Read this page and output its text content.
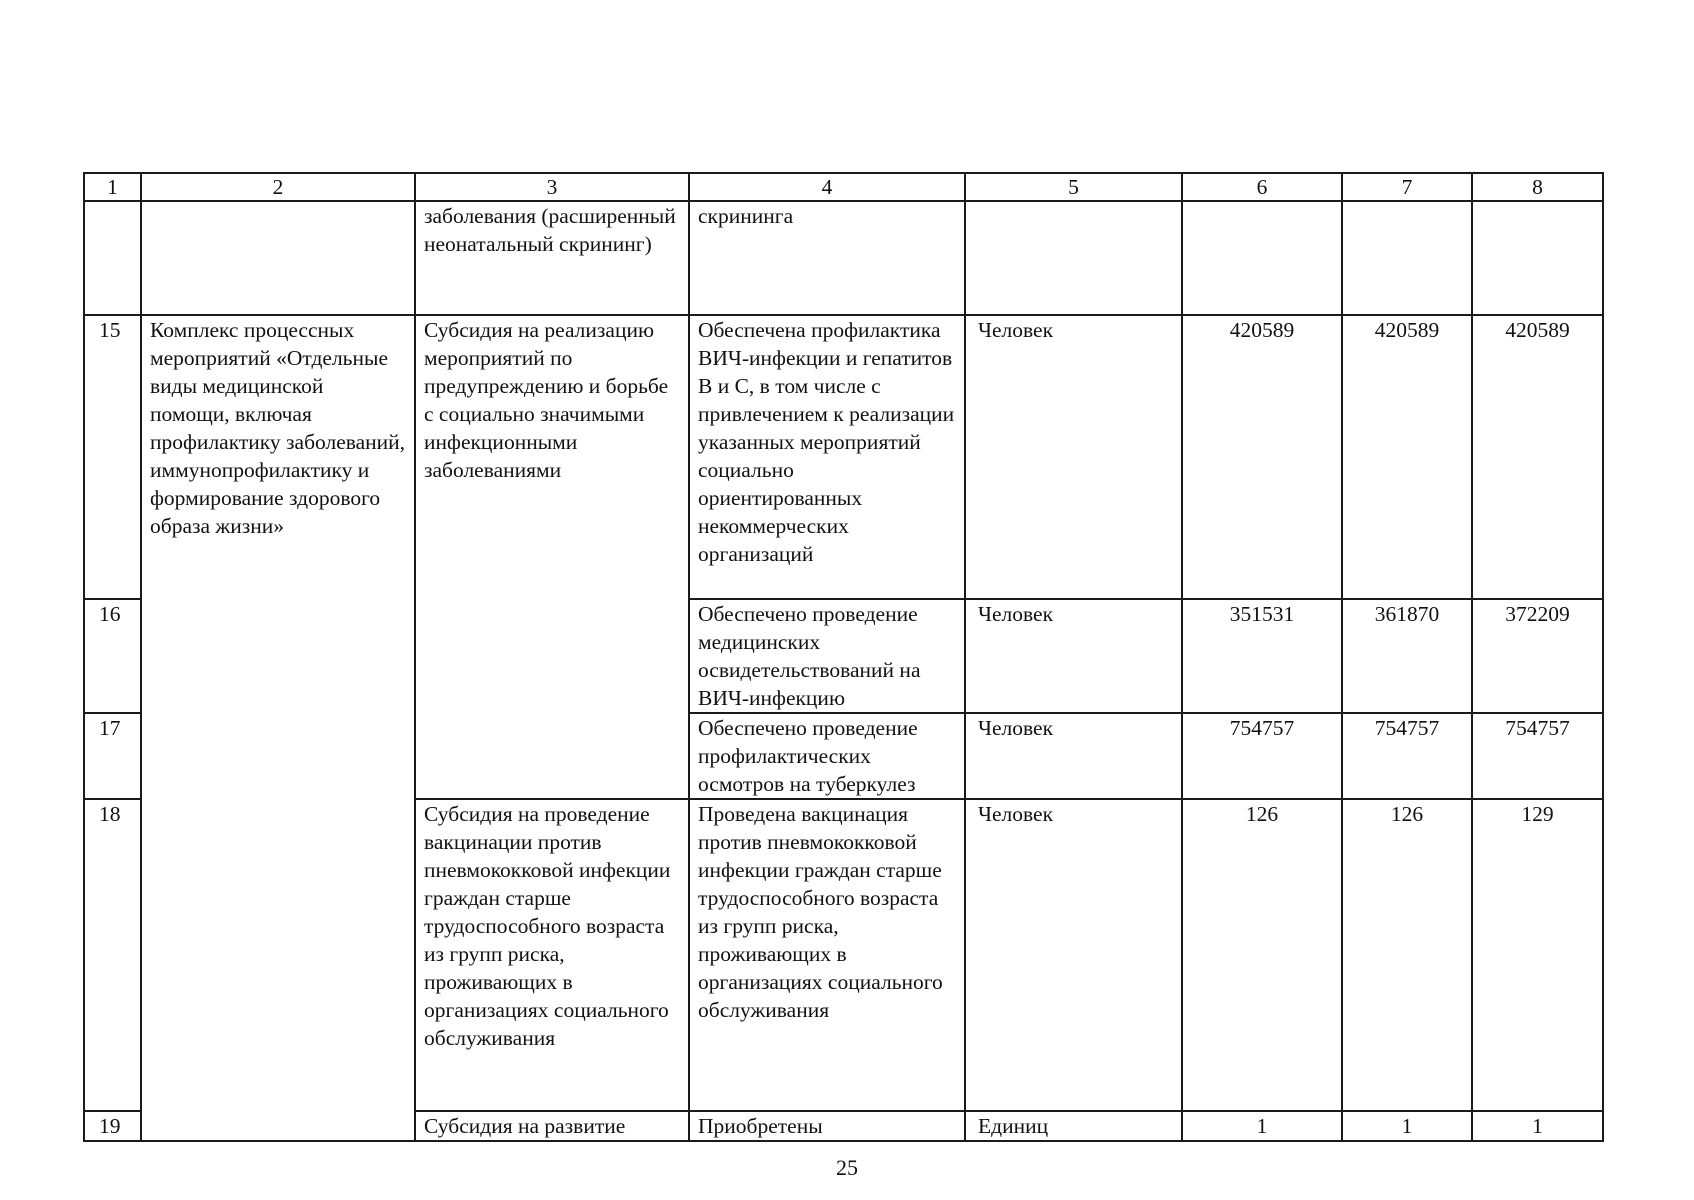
1	2	3	4	5	6	7	8
		заболевания (расширенный неонатальный скрининг)	скрининга				
15	Комплекс процессных мероприятий «Отдельные виды медицинской помощи, включая профилактику заболеваний, иммунопрофилактику и формирование здорового образа жизни»	Субсидия на реализацию мероприятий по предупреждению и борьбе с социально значимыми инфекционными заболеваниями	Обеспечена профилактика ВИЧ-инфекции и гепатитов В и С, в том числе с привлечением к реализации указанных мероприятий социально ориентированных некоммерческих организаций	Человек	420589	420589	420589
16			Обеспечено проведение медицинских освидетельствований на ВИЧ-инфекцию	Человек	351531	361870	372209
17			Обеспечено проведение профилактических осмотров на туберкулез	Человек	754757	754757	754757
18		Субсидия на проведение вакцинации против пневмококковой инфекции граждан старше трудоспособного возраста из групп риска, проживающих в организациях социального обслуживания	Проведена вакцинация против пневмококковой инфекции граждан старше трудоспособного возраста из групп риска, проживающих в организациях социального обслуживания	Человек	126	126	129
19		Субсидия на развитие	Приобретены	Единиц	1	1	1
25
